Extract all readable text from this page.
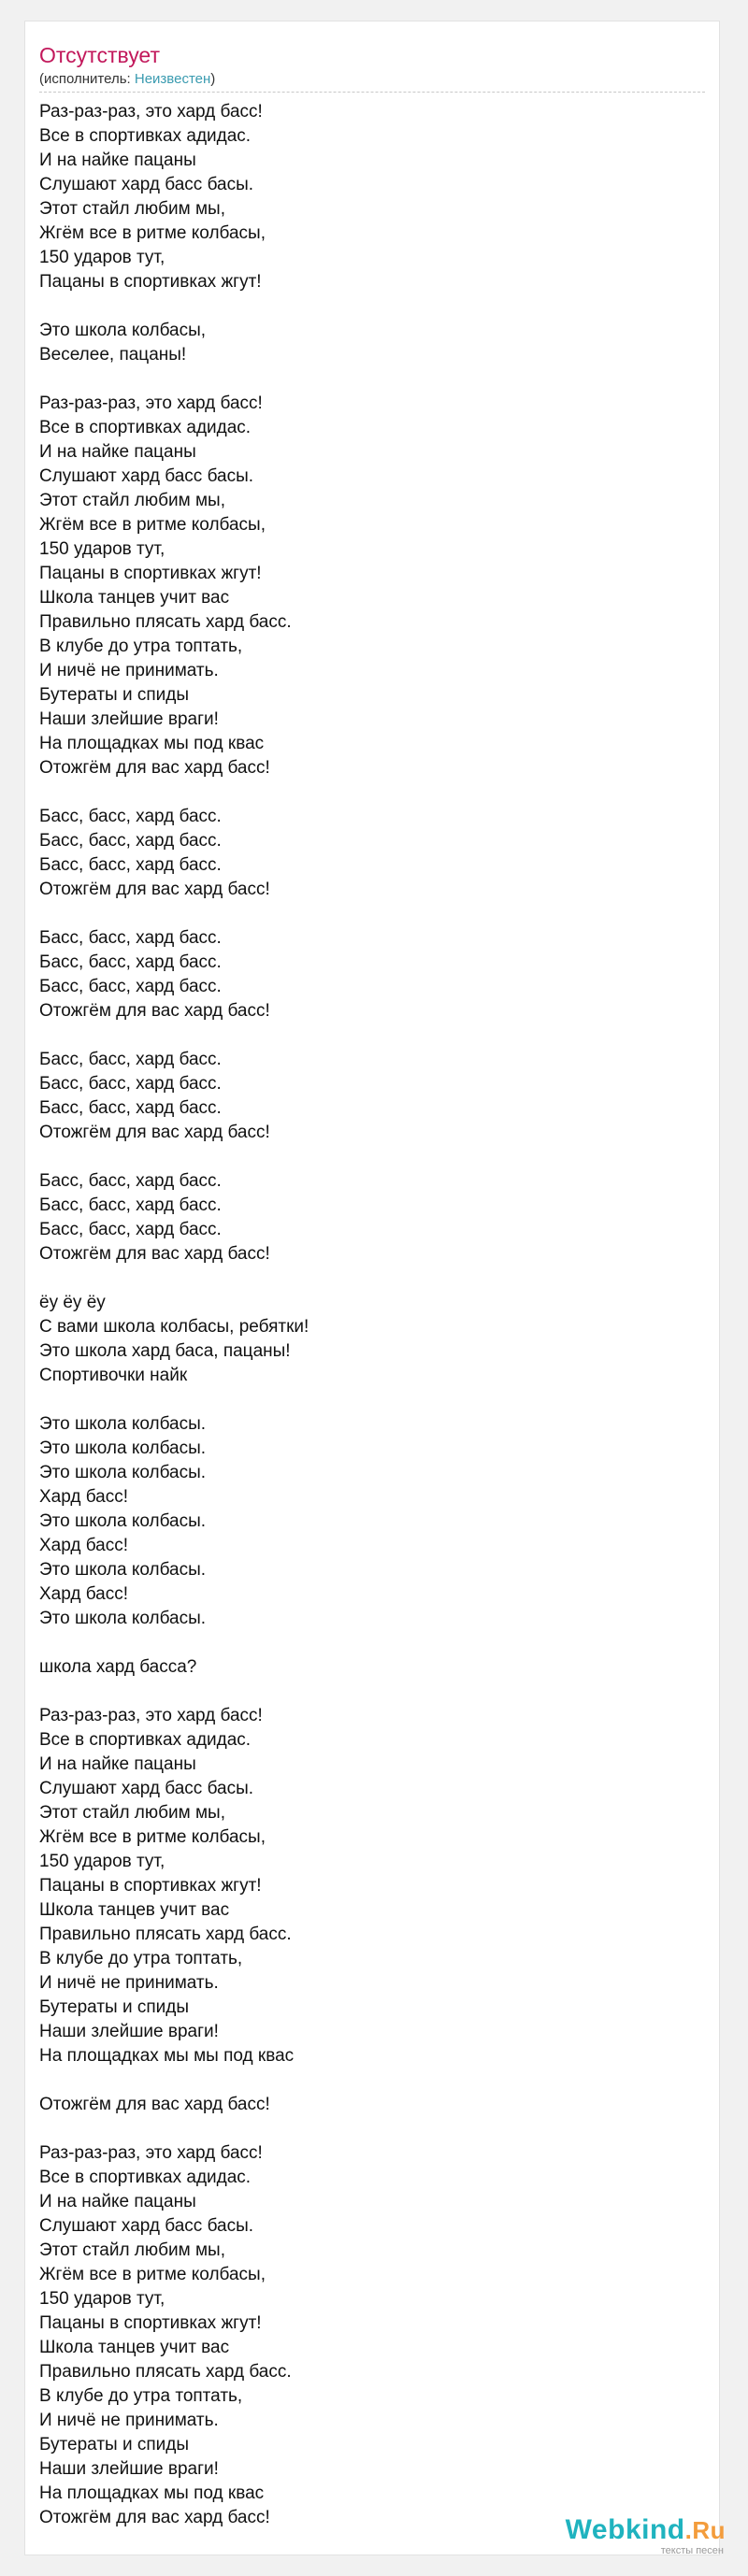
Отсутствует
(исполнитель: Неизвестен)
Раз-раз-раз, это хард басс!
Все в спортивках адидас.
И на найке пацаны
Слушают хард басс басы.
Этот стайл любим мы,
Жгём все в ритме колбасы,
150 ударов тут,
Пацаны в спортивках жгут!
Это школа колбасы,
Веселее, пацаны!
Раз-раз-раз, это хард басс!
Все в спортивках адидас.
И на найке пацаны
Слушают хард басс басы.
Этот стайл любим мы,
Жгём все в ритме колбасы,
150 ударов тут,
Пацаны в спортивках жгут!
Школа танцев учит вас
Правильно плясать хард басс.
В клубе до утра топтать,
И ничё не принимать.
Бутераты и спиды
Наши злейшие враги!
На площадках мы под квас
Отожгём для вас хард басс!
Басс, басс, хард басс.
Басс, басс, хард басс.
Басс, басс, хард басс.
Отожгём для вас хард басс!
Басс, басс, хард басс.
Басс, басс, хард басс.
Басс, басс, хард басс.
Отожгём для вас хард басс!
Басс, басс, хард басс.
Басс, басс, хард басс.
Басс, басс, хард басс.
Отожгём для вас хард басс!
Басс, басс, хард басс.
Басс, басс, хард басс.
Басс, басс, хард басс.
Отожгём для вас хард басс!
ёу ёу ёу
С вами школа колбасы, ребятки!
Это школа хард баса, пацаны!
Спортивочки найк
Это школа колбасы.
Это школа колбасы.
Это школа колбасы.
Хард басс!
Это школа колбасы.
Хард басс!
Это школа колбасы.
Хард басс!
Это школа колбасы.
школа хард басса?
Раз-раз-раз, это хард басс!
Все в спортивках адидас.
И на найке пацаны
Слушают хард басс басы.
Этот стайл любим мы,
Жгём все в ритме колбасы,
150 ударов тут,
Пацаны в спортивках жгут!
Школа танцев учит вас
Правильно плясать хард басс.
В клубе до утра топтать,
И ничё не принимать.
Бутераты и спиды
Наши злейшие враги!
На площадках мы мы под квас
Отожгём для вас хард басс!
Раз-раз-раз, это хард басс!
Все в спортивках адидас.
И на найке пацаны
Слушают хард басс басы.
Этот стайл любим мы,
Жгём все в ритме колбасы,
150 ударов тут,
Пацаны в спортивках жгут!
Школа танцев учит вас
Правильно плясать хард басс.
В клубе до утра топтать,
И ничё не принимать.
Бутераты и спиды
Наши злейшие враги!
На площадках мы под квас
Отожгём для вас хард басс!	Webkind.Ru
тексты песен
